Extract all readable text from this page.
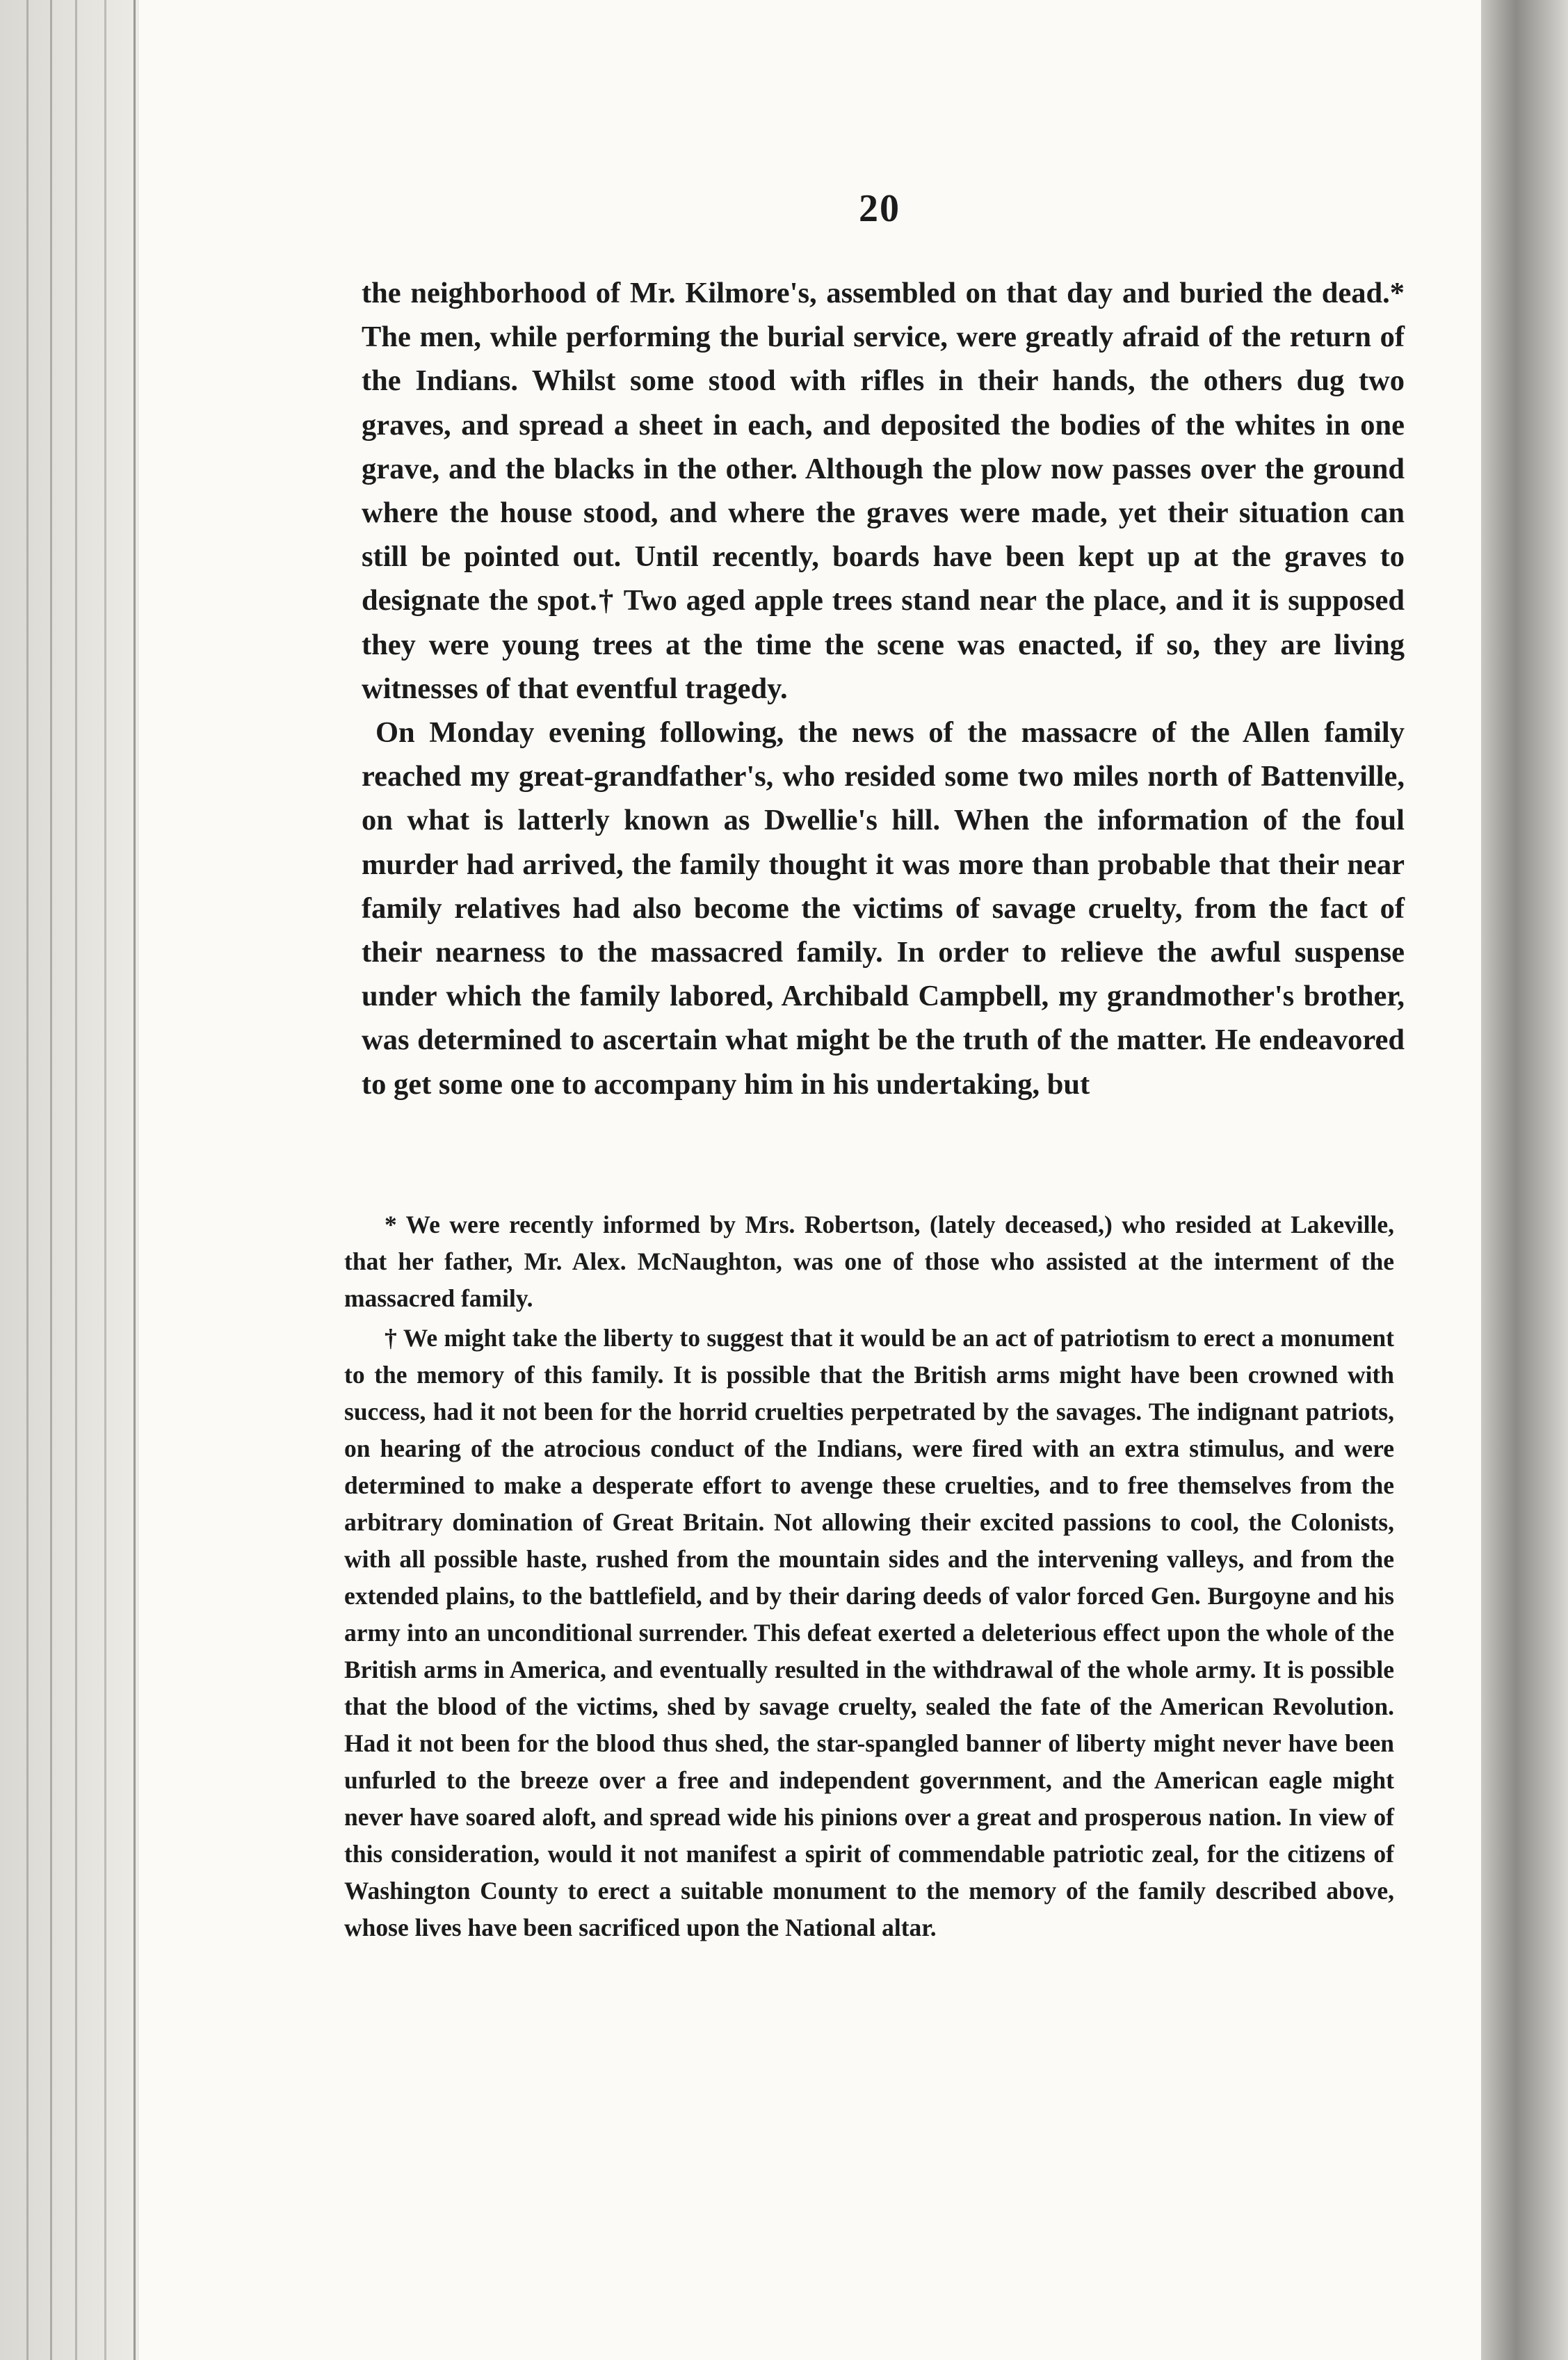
20

the neighborhood of Mr. Kilmore's, assembled on that day and buried the dead.* The men, while performing the burial service, were greatly afraid of the return of the Indians. Whilst some stood with rifles in their hands, the others dug two graves, and spread a sheet in each, and deposited the bodies of the whites in one grave, and the blacks in the other. Although the plow now passes over the ground where the house stood, and where the graves were made, yet their situation can still be pointed out. Until recently, boards have been kept up at the graves to designate the spot.† Two aged apple trees stand near the place, and it is supposed they were young trees at the time the scene was enacted, if so, they are living witnesses of that eventful tragedy.

On Monday evening following, the news of the massacre of the Allen family reached my great-grandfather's, who resided some two miles north of Battenville, on what is latterly known as Dwellie's hill. When the information of the foul murder had arrived, the family thought it was more than probable that their near family relatives had also become the victims of savage cruelty, from the fact of their nearness to the massacred family. In order to relieve the awful suspense under which the family labored, Archibald Campbell, my grandmother's brother, was determined to ascertain what might be the truth of the matter. He endeavored to get some one to accompany him in his undertaking, but

* We were recently informed by Mrs. Robertson, (lately deceased,) who resided at Lakeville, that her father, Mr. Alex. McNaughton, was one of those who assisted at the interment of the massacred family.

† We might take the liberty to suggest that it would be an act of patriotism to erect a monument to the memory of this family. It is possible that the British arms might have been crowned with success, had it not been for the horrid cruelties perpetrated by the savages. The indignant patriots, on hearing of the atrocious conduct of the Indians, were fired with an extra stimulus, and were determined to make a desperate effort to avenge these cruelties, and to free themselves from the arbitrary domination of Great Britain. Not allowing their excited passions to cool, the Colonists, with all possible haste, rushed from the mountain sides and the intervening valleys, and from the extended plains, to the battlefield, and by their daring deeds of valor forced Gen. Burgoyne and his army into an unconditional surrender. This defeat exerted a deleterious effect upon the whole of the British arms in America, and eventually resulted in the withdrawal of the whole army. It is possible that the blood of the victims, shed by savage cruelty, sealed the fate of the American Revolution. Had it not been for the blood thus shed, the star-spangled banner of liberty might never have been unfurled to the breeze over a free and independent government, and the American eagle might never have soared aloft, and spread wide his pinions over a great and prosperous nation. In view of this consideration, would it not manifest a spirit of commendable patriotic zeal, for the citizens of Washington County to erect a suitable monument to the memory of the family described above, whose lives have been sacrificed upon the National altar.
